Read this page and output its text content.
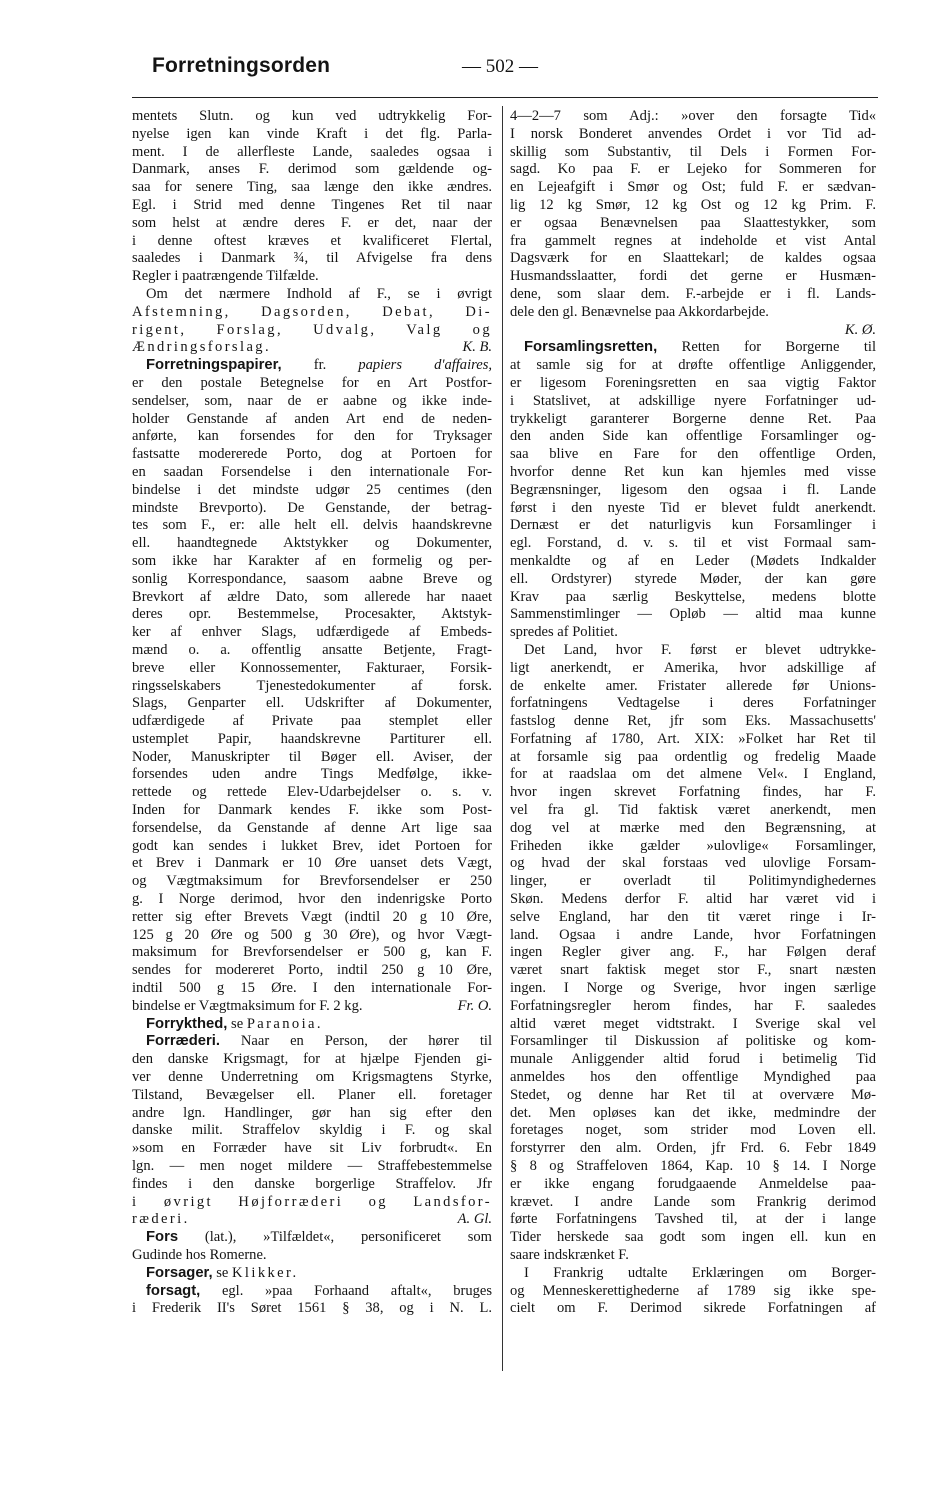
Forretningsorden	— 502 —
mentets Slutn. og kun ved udtrykkelig For-
nyelse igen kan vinde Kraft i det flg. Parla-
ment. I de allerfleste Lande, saaledes ogsaa i
Danmark, anses F. derimod som gældende og-
saa for senere Ting, saa længe den ikke ændres.
Egl. i Strid med denne Tingenes Ret til naar
som helst at ændre deres F. er det, naar der
i denne oftest kræves et kvalificeret Flertal,
saaledes i Danmark ¾, til Afvigelse fra dens
Regler i paatrængende Tilfælde.
Om det nærmere Indhold af F., se i øvrigt
Afstemning, Dagsorden, Debat, Di-
rigent, Forslag, Udvalg, Valg og
Ændringsforslag.	K. B.
Forretningspapirer, fr. papiers d'affaires,
er den postale Betegnelse for en Art Postfor-
sendelser, som, naar de er aabne og ikke inde-
holder Genstande af anden Art end de neden-
anførte, kan forsendes for den for Tryksager
fastsatte modererede Porto, dog at Portoen for
en saadan Forsendelse i den internationale For-
bindelse i det mindste udgør 25 centimes (den
mindste Brevporto). De Genstande, der betrag-
tes som F., er: alle helt ell. delvis haandskrevne
ell. haandtegnede Aktstykker og Dokumenter,
som ikke har Karakter af en formelig og per-
sonlig Korrespondance, saasom aabne Breve og
Brevkort af ældre Dato, som allerede har naaet
deres opr. Bestemmelse, Procesakter, Aktstyk-
ker af enhver Slags, udfærdigede af Embeds-
mænd o. a. offentlig ansatte Betjente, Fragt-
breve eller Konnossementer, Fakturaer, Forsik-
ringsselskabers Tjenestedokumenter af forsk.
Slags, Genparter ell. Udskrifter af Dokumenter,
udfærdigede af Private paa stemplet eller
ustemplet Papir, haandskrevne Partiturer ell.
Noder, Manuskripter til Bøger ell. Aviser, der
forsendes uden andre Tings Medfølge, ikke-
rettede og rettede Elev-Udarbejdelser o. s. v.
Inden for Danmark kendes F. ikke som Post-
forsendelse, da Genstande af denne Art lige saa
godt kan sendes i lukket Brev, idet Portoen for
et Brev i Danmark er 10 Øre uanset dets Vægt,
og Vægtmaksimum for Brevforsendelser er 250
g. I Norge derimod, hvor den indenrigske Porto
retter sig efter Brevets Vægt (indtil 20 g 10 Øre,
125 g 20 Øre og 500 g 30 Øre), og hvor Vægt-
maksimum for Brevforsendelser er 500 g, kan F.
sendes for modereret Porto, indtil 250 g 10 Øre,
indtil 500 g 15 Øre. I den internationale For-
bindelse er Vægtmaksimum for F. 2 kg.	Fr. O.
Forrykthed, se Paranoia.
Forræderi. Naar en Person, der hører til
den danske Krigsmagt, for at hjælpe Fjenden gi-
ver denne Underretning om Krigsmagtens Styrke,
Tilstand, Bevægelser ell. Planer ell. foretager
andre lgn. Handlinger, gør han sig efter den
danske milit. Straffelov skyldig i F. og skal
»som en Forræder have sit Liv forbrudt«. En
lgn. — men noget mildere — Straffebestemmelse
findes i den danske borgerlige Straffelov. Jfr
i øvrigt Højforræderi og Landsfor-
ræderi.	A. Gl.
Fors (lat.), »Tilfældet«, personificeret som
Gudinde hos Romerne.
Forsager, se Klikker.
forsagt, egl. »paa Forhaand aftalt«, bruges
i Frederik II's Søret 1561 § 38, og i N. L.
4—2—7 som Adj.: »over den forsagte Tid«
I norsk Bonderet anvendes Ordet i vor Tid ad-
skillig som Substantiv, til Dels i Formen For-
sagd. Ko paa F. er Lejeko for Sommeren for
en Lejeafgift i Smør og Ost; fuld F. er sædvan-
lig 12 kg Smør, 12 kg Ost og 12 kg Prim. F.
er ogsaa Benævnelsen paa Slaattestykker, som
fra gammelt regnes at indeholde et vist Antal
Dagsværk for en Slaattekarl; de kaldes ogsaa
Husmandsslaatter, fordi det gerne er Husmæn-
dene, som slaar dem. F.-arbejde er i fl. Lands-
dele den gl. Benævnelse paa Akkordarbejde.
K. Ø.
Forsamlingsretten, Retten for Borgerne til
at samle sig for at drøfte offentlige Anliggender,
er ligesom Foreningsretten en saa vigtig Faktor
i Statslivet, at adskillige nyere Forfatninger ud-
trykkeligt garanterer Borgerne denne Ret. Paa
den anden Side kan offentlige Forsamlinger og-
saa blive en Fare for den offentlige Orden,
hvorfor denne Ret kun kan hjemles med visse
Begrænsninger, ligesom den ogsaa i fl. Lande
først i den nyeste Tid er blevet fuldt anerkendt.
Dernæst er det naturligvis kun Forsamlinger i
egl. Forstand, d. v. s. til et vist Formaal sam-
menkaldte og af en Leder (Mødets Indkalder
ell. Ordstyrer) styrede Møder, der kan gøre
Krav paa særlig Beskyttelse, medens blotte
Sammenstimlinger — Opløb — altid maa kunne
spredes af Politiet.
Det Land, hvor F. først er blevet udtrykke-
ligt anerkendt, er Amerika, hvor adskillige af
de enkelte amer. Fristater allerede før Unions-
forfatningens Vedtagelse i deres Forfatninger
fastslog denne Ret, jfr som Eks. Massachusetts'
Forfatning af 1780, Art. XIX: »Folket har Ret til
at forsamle sig paa ordentlig og fredelig Maade
for at raadslaa om det almene Vel«. I England,
hvor ingen skrevet Forfatning findes, har F.
vel fra gl. Tid faktisk været anerkendt, men
dog vel at mærke med den Begrænsning, at
Friheden ikke gælder »ulovlige« Forsamlinger,
og hvad der skal forstaas ved ulovlige Forsam-
linger, er overladt til Politimyndighedernes
Skøn. Medens derfor F. altid har været vid i
selve England, har den tit været ringe i Ir-
land. Ogsaa i andre Lande, hvor Forfatningen
ingen Regler giver ang. F., har Følgen deraf
været snart faktisk meget stor F., snart næsten
ingen. I Norge og Sverige, hvor ingen særlige
Forfatningsregler herom findes, har F. saaledes
altid været meget vidtstrakt. I Sverige skal vel
Forsamlinger til Diskussion af politiske og kom-
munale Anliggender altid forud i betimelig Tid
anmeldes hos den offentlige Myndighed paa
Stedet, og denne har Ret til at overvære Mø-
det. Men opløses kan det ikke, medmindre der
foretages noget, som strider mod Loven ell.
forstyrrer den alm. Orden, jfr Frd. 6. Febr 1849
§ 8 og Straffeloven 1864, Kap. 10 § 14. I Norge
er ikke engang forudgaaende Anmeldelse paa-
krævet. I andre Lande som Frankrig derimod
førte Forfatningens Tavshed til, at der i lange
Tider herskede saa godt som ingen ell. kun en
saare indskrænket F.
I Frankrig udtalte Erklæringen om Borger-
og Menneskerettighederne af 1789 sig ikke spe-
cielt om F. Derimod sikrede Forfatningen af
